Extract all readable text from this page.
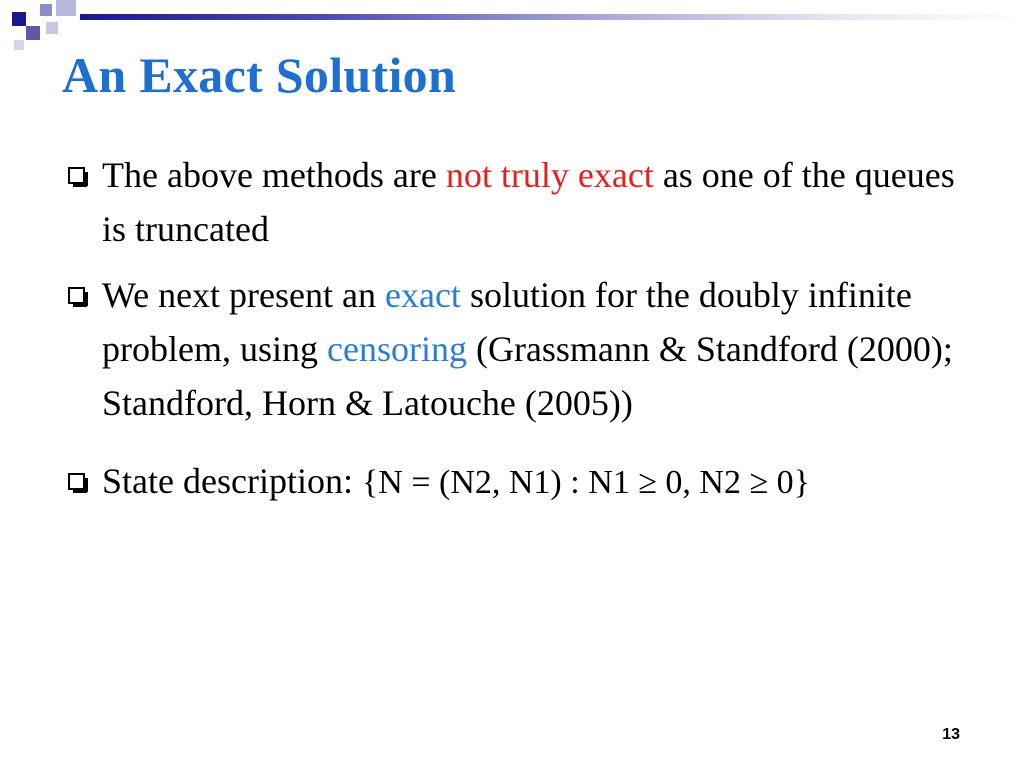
An Exact Solution
The above methods are not truly exact as one of the queues is truncated
We next present an exact solution for the doubly infinite problem, using censoring (Grassmann & Standford (2000); Standford, Horn & Latouche (2005))
State description: {N = (N2, N1) : N1 ≥ 0, N2 ≥ 0}
13
